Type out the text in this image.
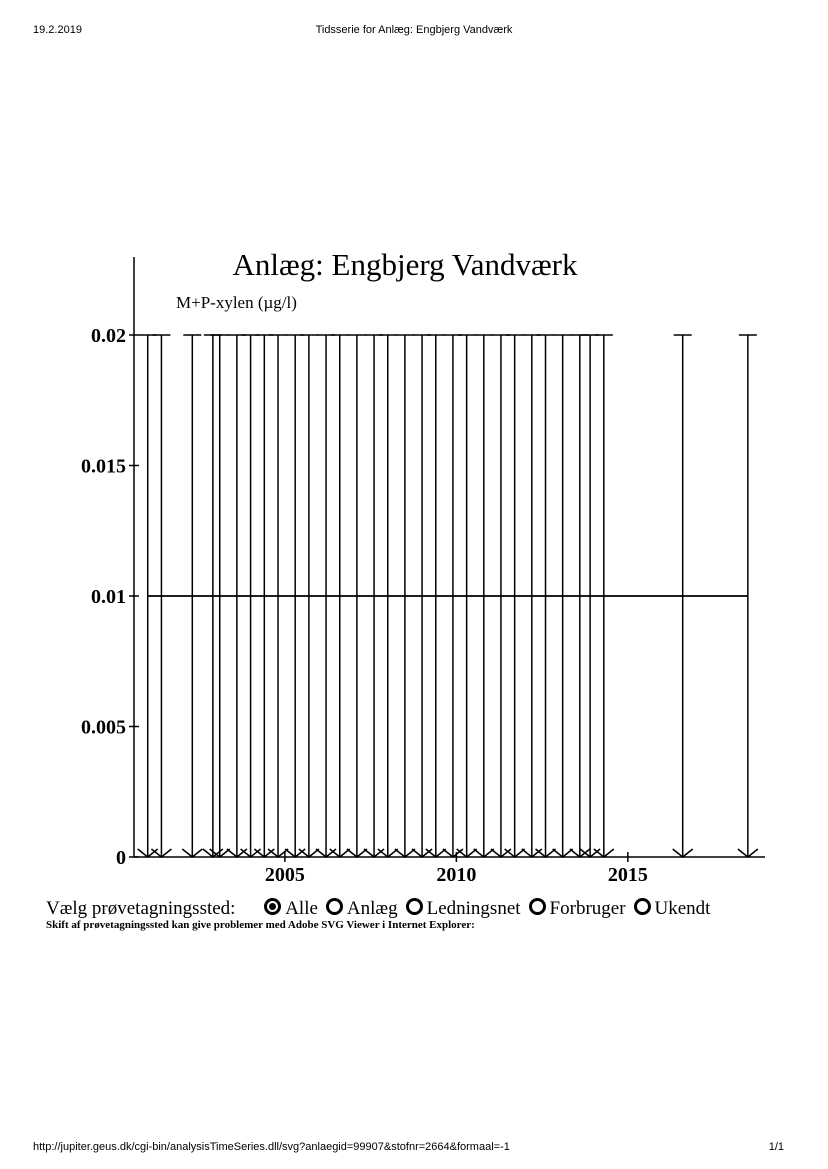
19.2.2019	Tidsserie for Anlæg: Engbjerg Vandværk
Anlæg: Engbjerg Vandværk
M+P-xylen (µg/l)
0
0.005
0.01
0.015
0.02
2005	2010	2015
Vælg prøvetagningssted:	Alle Anlæg Ledningsnet Forbruger Ukendt
Skift af prøvetagningssted kan give problemer med Adobe SVG Viewer i Internet Explorer:
http://jupiter.geus.dk/cgi-bin/analysisTimeSeries.dll/svg?anlaegid=99907&stofnr=2664&formaal=-1	1/1
